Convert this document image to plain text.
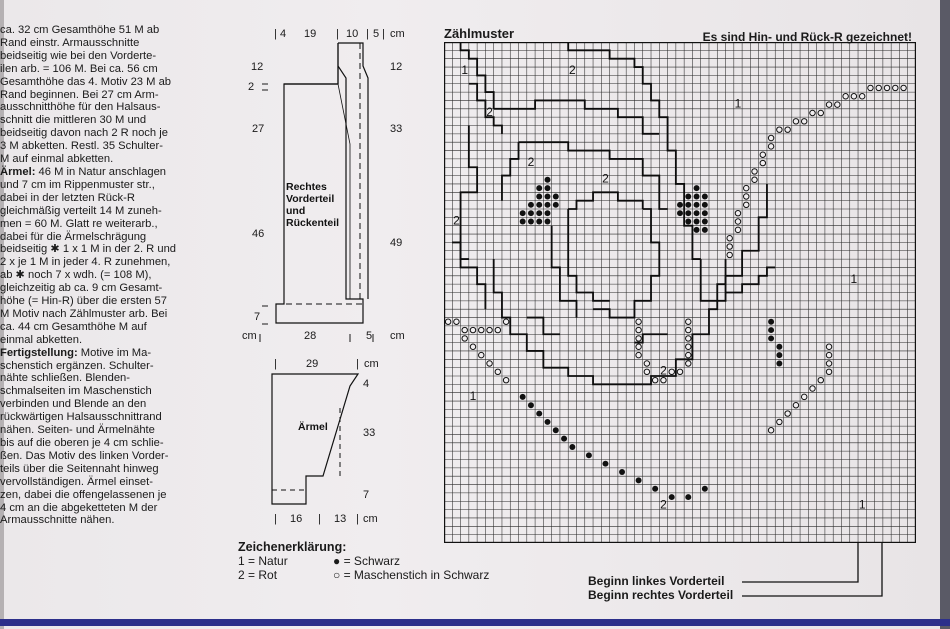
ca. 32 cm Gesamthöhe 51 M ab

Rand einstr. Armausschnitte

beidseitig wie bei den Vorderte-

ilen arb. = 106 M. Bei ca. 56 cm

Gesamthöhe das 4. Motiv 23 M ab

Rand beginnen. Bei 27 cm Arm-

ausschnitthöhe für den Halsaus-

schnitt die mittleren 30 M und

beidseitig davon nach 2 R noch je

3 M abketten. Restl. 35 Schulter-

M auf einmal abketten.

Ärmel: 46 M in Natur anschlagen

und 7 cm im Rippenmuster str.,

dabei in der letzten Rück-R

gleichmäßig verteilt 14 M zuneh-

men = 60 M. Glatt re weiterarb.,

dabei für die Ärmelschrägung

beidseitig ✱ 1 x 1 M in der 2. R und

2 x je 1 M in jeder 4. R zunehmen,

ab ✱ noch 7 x wdh. (= 108 M),

gleichzeitig ab ca. 9 cm Gesamt-

höhe (= Hin-R) über die ersten 57

M Motiv nach Zählmuster arb. Bei

ca. 44 cm Gesamthöhe M auf

einmal abketten.

Fertigstellung: Motive im Ma-

schenstich ergänzen. Schulter-

nähte schließen. Blenden-

schmalseiten im Maschenstich

verbinden und Blende an den

rückwärtigen Halsausschnittrand

nähen. Seiten- und Ärmelnähte

bis auf die oberen je 4 cm schlie-

ßen. Das Motiv des linken Vorder-

teils über die Seitennaht hinweg

vervollständigen. Ärmel einset-

zen, dabei die offengelassenen je

4 cm an die abgeketteten M der

Armausschnitte nähen.

| 4 19 | 10 | 5 | cm
12
2
27
46
7
12
33
49
cm	28	5 cm
Rechtes
Vorderteil
und
Rückenteil
|	29	| cm
4
33
7
| 16 | 13 | cm
Ärmel
Zeichenerklärung:
1 = Natur
2 = Rot
● = Schwarz
○ = Maschenstich in Schwarz
Zählmuster	Es sind Hin- und Rück-R gezeichnet!
1	2
2
1
2
2
2
1
2
1
2	1
Beginn linkes Vorderteil
Beginn rechtes Vorderteil
